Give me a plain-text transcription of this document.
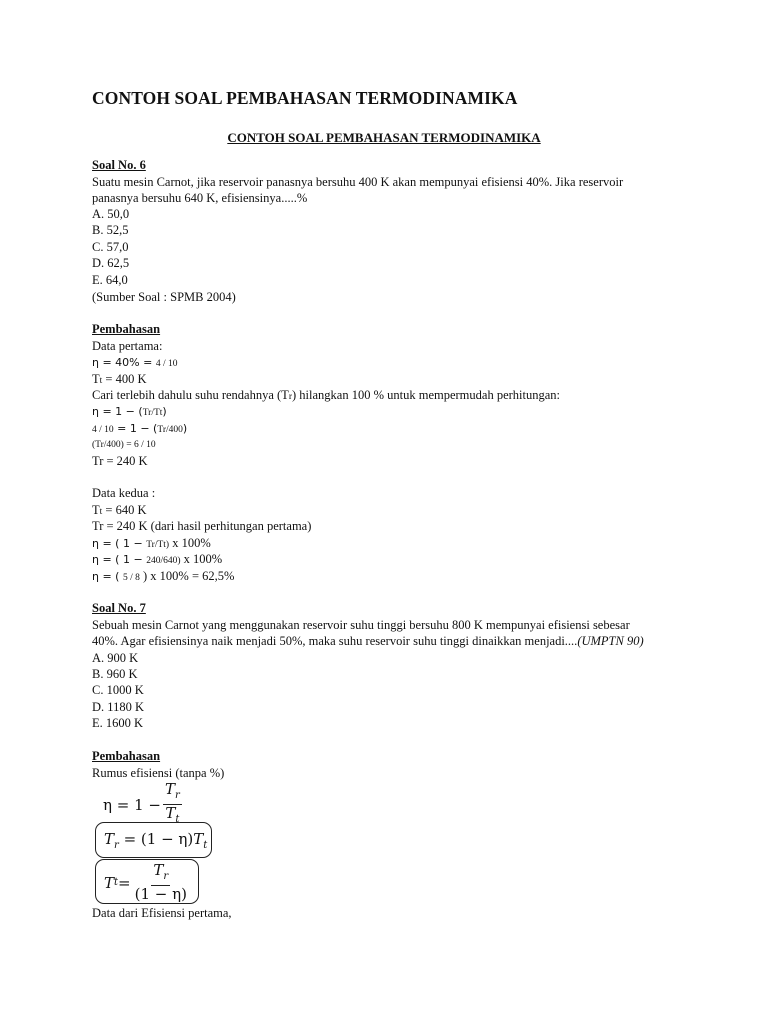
CONTOH SOAL PEMBAHASAN TERMODINAMIKA
CONTOH SOAL PEMBAHASAN TERMODINAMIKA
Soal No. 6
Suatu mesin Carnot, jika reservoir panasnya bersuhu 400 K akan mempunyai efisiensi 40%. Jika reservoir
panasnya bersuhu 640 K, efisiensinya.....%
A. 50,0
B. 52,5
C. 57,0
D. 62,5
E. 64,0
(Sumber Soal : SPMB 2004)
Pembahasan
Data pertama:
η = 40% = 4 / 10
Tt = 400 K
Cari terlebih dahulu suhu rendahnya (Tr) hilangkan 100 % untuk mempermudah perhitungan:
η = 1 − (Tr/Tt)
4 / 10 = 1 − (Tr/400)
(Tr/400) = 6 / 10
Tr = 240 K
Data kedua :
Tt = 640 K
Tr = 240 K (dari hasil perhitungan pertama)
η = ( 1 − Tr/Tt) x 100%
η = ( 1 − 240/640) x 100%
η = ( 5 / 8 ) x 100% = 62,5%
Soal No. 7
Sebuah mesin Carnot yang menggunakan reservoir suhu tinggi bersuhu 800 K mempunyai efisiensi sebesar
40%. Agar efisiensinya naik menjadi 50%, maka suhu reservoir suhu tinggi dinaikkan menjadi....(UMPTN 90)
A. 900 K
B. 960 K
C. 1000 K
D. 1180 K
E. 1600 K
Pembahasan
Rumus efisiensi (tanpa %)
$\eta = 1 - \frac{T_r}{T_t}$
$T_r = (1 - \eta)T_t$
T $t = \frac{T_r}{(1 - \eta)}$
Data dari Efisiensi pertama,
